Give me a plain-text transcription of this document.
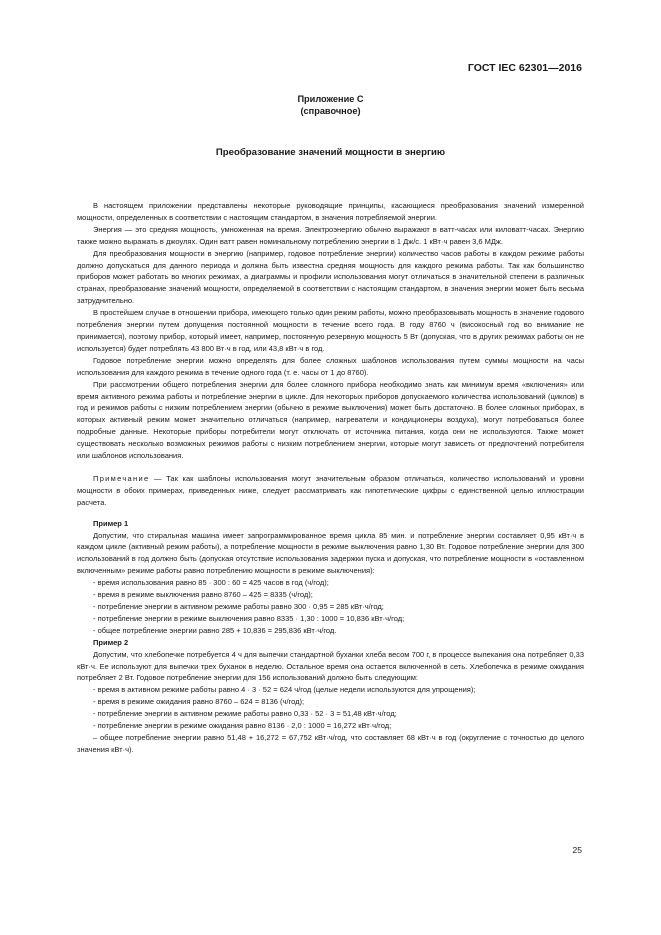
ГОСТ IEC 62301—2016
Приложение С
(справочное)
Преобразование значений мощности в энергию

В настоящем приложении представлены некоторые руководящие принципы, касающиеся преобразования значений измеренной мощности, определенных в соответствии с настоящим стандартом, в значения потребляемой энергии.

Энергия — это средняя мощность, умноженная на время. Электроэнергию обычно выражают в ватт-часах или киловатт-часах. Энергию также можно выражать в джоулях. Один ватт равен номинальному потреблению энергии в 1 Дж/с. 1 кВт·ч равен 3,6 МДж.

Для преобразования мощности в энергию (например, годовое потребление энергии) количество часов работы в каждом режиме работы должно допускаться для данного периода и должна быть известна средняя мощность для каждого режима работы. Так как большинство приборов может работать во многих режимах, а диаграммы и профили использования могут отличаться в значительной степени в различных странах, преобразование значений мощности, определяемой в соответствии с настоящим стандартом, в значения энергии может быть весьма затруднительно.

В простейшем случае в отношении прибора, имеющего только один режим работы, можно преобразовывать мощность в значение годового потребления энергии путем допущения постоянной мощности в течение всего года. В году 8760 ч (високосный год во внимание не принимается), поэтому прибор, который имеет, например, постоянную резервную мощность 5 Вт (допуская, что в других режимах работы он не используется) будет потреблять 43 800 Вт·ч в год, или 43,8 кВт·ч в год.

Годовое потребление энергии можно определять для более сложных шаблонов использования путем суммы мощности на часы использования для каждого режима в течение одного года (т. е. часы от 1 до 8760).

При рассмотрении общего потребления энергии для более сложного прибора необходимо знать как минимум время «включения» или время активного режима работы и потребление энергии в цикле. Для некоторых приборов допускаемого количества использований (циклов) в год и режимов работы с низким потреблением энергии (обычно в режиме выключения) может быть достаточно. В более сложных приборах, в которых активный режим может значительно отличаться (например, нагреватели и кондиционеры воздуха), могут потребоваться более подробные данные. Некоторые приборы потребители могут отключать от источника питания, когда они не используются. Также может существовать несколько возможных режимов работы с низким потреблением энергии, которые могут зависеть от предпочтений потребителя или шаблонов использования.

Примечание — Так как шаблоны использования могут значительным образом отличаться, количество использований и уровни мощности в обоих примерах, приведенных ниже, следует рассматривать как гипотетические цифры с единственной целью иллюстрации расчета.

Пример 1

Допустим, что стиральная машина имеет запрограммированное время цикла 85 мин. и потребление энергии составляет 0,95 кВт·ч в каждом цикле (активный режим работы), а потребление мощности в режиме выключения равно 1,30 Вт. Годовое потребление энергии для 300 использований в год должно быть (допуская отсутствие использования задержки пуска и допуская, что потребление мощности в «оставленном включенным» режиме работы равно потреблению мощности в режиме выключения):

- время использования равно 85 · 300 : 60 = 425 часов в год (ч/год);
- время в режиме выключения равно 8760 – 425 = 8335 (ч/год);
- потребление энергии в активном режиме работы равно 300 · 0,95 = 285 кВт·ч/год;
- потребление энергии в режиме выключения равно 8335 · 1,30 : 1000 = 10,836 кВт·ч/год;
- общее потребление энергии равно 285 + 10,836 = 295,836 кВт·ч/год.
Пример 2

Допустим, что хлебопечке потребуется 4 ч для выпечки стандартной буханки хлеба весом 700 г, в процессе выпекания она потребляет 0,33 кВт·ч. Ее используют для выпечки трех буханок в неделю. Остальное время она остается включенной в сеть. Хлебопечка в режиме ожидания потребляет 2 Вт. Годовое потребление энергии для 156 использований должно быть следующим:

- время в активном режиме работы равно 4 · 3 · 52 = 624 ч/год (целые недели используются для упрощения);
- время в режиме ожидания равно 8760 – 624 = 8136 (ч/год);
- потребление энергии в активном режиме работы равно 0,33 · 52 · 3 = 51,48 кВт·ч/год;
- потребление энергии в режиме ожидания равно 8136 · 2,0 : 1000 = 16,272 кВт·ч/год;
– общее потребление энергии равно 51,48 + 16,272 = 67,752 кВт·ч/год, что составляет 68 кВт·ч в год (округление с точностью до целого значения кВт·ч).
25
